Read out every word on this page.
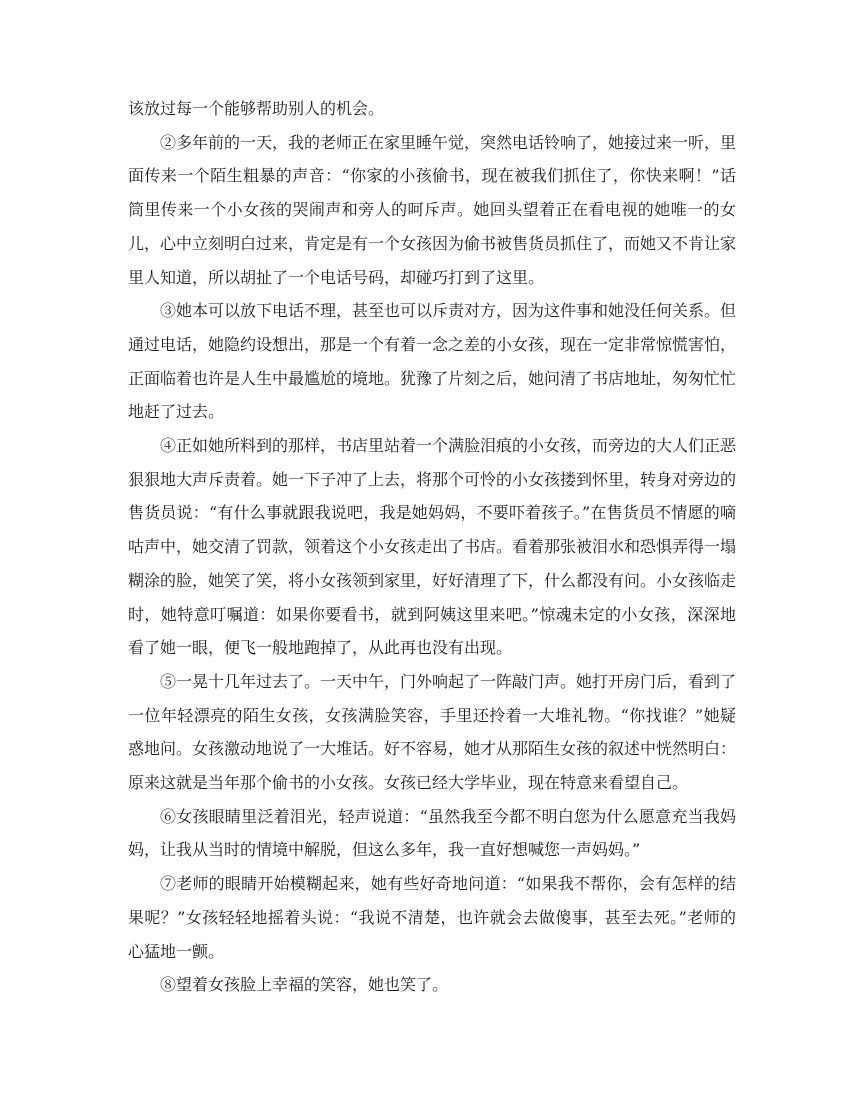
该放过每一个能够帮助别人的机会。

②多年前的一天，我的老师正在家里睡午觉，突然电话铃响了，她接过来一听，里面传来一个陌生粗暴的声音：“你家的小孩偷书，现在被我们抓住了，你快来啊！”话筒里传来一个小女孩的哭闹声和旁人的呵斥声。她回头望着正在看电视的她唯一的女儿，心中立刻明白过来，肯定是有一个女孩因为偷书被售货员抓住了，而她又不肯让家里人知道，所以胡扯了一个电话号码，却碰巧打到了这里。

③她本可以放下电话不理，甚至也可以斥责对方，因为这件事和她没任何关系。但通过电话，她隐约设想出，那是一个有着一念之差的小女孩，现在一定非常惊慌害怕，正面临着也许是人生中最尴尬的境地。犹豫了片刻之后，她问清了书店地址，匆匆忙忙地赶了过去。

④正如她所料到的那样，书店里站着一个满脸泪痕的小女孩，而旁边的大人们正恶狠狠地大声斥责着。她一下子冲了上去，将那个可怜的小女孩搂到怀里，转身对旁边的售货员说：“有什么事就跟我说吧，我是她妈妈，不要吓着孩子。”在售货员不情愿的嘀咕声中，她交清了罚款，领着这个小女孩走出了书店。看着那张被泪水和恐惧弄得一塌糊涂的脸，她笑了笑，将小女孩领到家里，好好清理了下，什么都没有问。小女孩临走时，她特意叮嘱道：如果你要看书，就到阿姨这里来吧。”惊魂未定的小女孩，深深地看了她一眼，便飞一般地跑掉了，从此再也没有出现。

⑤一晃十几年过去了。一天中午，门外响起了一阵敲门声。她打开房门后，看到了一位年轻漂亮的陌生女孩，女孩满脸笑容，手里还拎着一大堆礼物。“你找谁？”她疑惑地问。女孩激动地说了一大堆话。好不容易，她才从那陌生女孩的叙述中恍然明白：原来这就是当年那个偷书的小女孩。女孩已经大学毕业，现在特意来看望自己。

⑥女孩眼睛里泛着泪光，轻声说道：“虽然我至今都不明白您为什么愿意充当我妈妈，让我从当时的情境中解脱，但这么多年，我一直好想喊您一声妈妈。”

⑦老师的眼睛开始模糊起来，她有些好奇地问道：“如果我不帮你，会有怎样的结果呢？”女孩轻轻地摇着头说：“我说不清楚，也许就会去做傻事，甚至去死。”老师的心猛地一颤。

⑧望着女孩脸上幸福的笑容，她也笑了。
